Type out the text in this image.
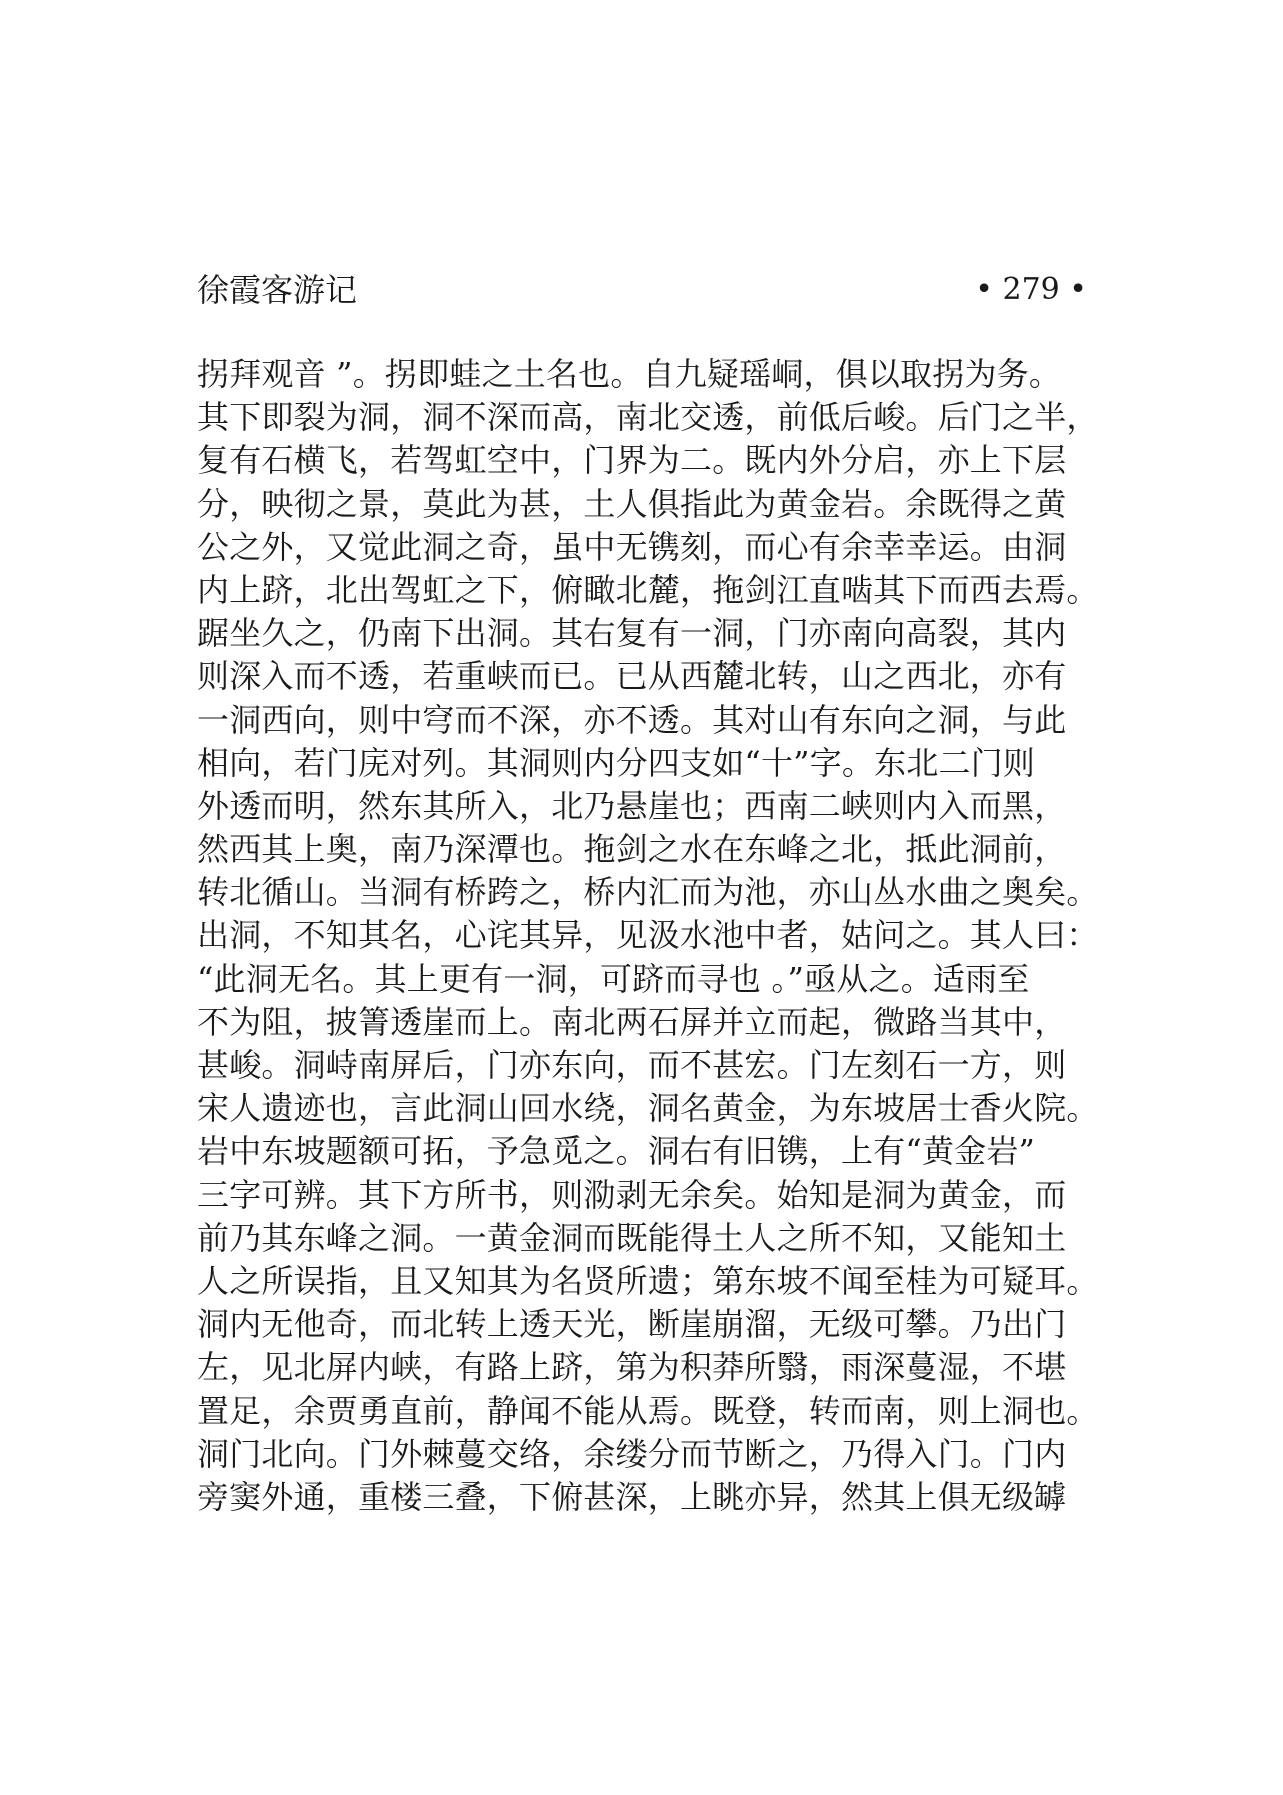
徐霞客游记	• 279 •
拐拜观音 ”。拐即蛙之土名也。自九疑瑶峒，俱以取拐为务。
其下即裂为洞，洞不深而高，南北交透，前低后峻。后门之半，
复有石横飞，若驾虹空中，门界为二。既内外分启，亦上下层
分，映彻之景，莫此为甚，土人俱指此为黄金岩。余既得之黄
公之外，又觉此洞之奇，虽中无镌刻，而心有余幸幸运。由洞
内上跻，北出驾虹之下，俯瞰北麓，拖剑江直啮其下而西去焉。
踞坐久之，仍南下出洞。其右复有一洞，门亦南向高裂，其内
则深入而不透，若重峡而已。已从西麓北转，山之西北，亦有
一洞西向，则中穹而不深，亦不透。其对山有东向之洞，与此
相向，若门庑对列。其洞则内分四支如“十”字。东北二门则
外透而明，然东其所入，北乃悬崖也；西南二峡则内入而黑，
然西其上奥，南乃深潭也。拖剑之水在东峰之北，抵此洞前，
转北循山。当洞有桥跨之，桥内汇而为池，亦山丛水曲之奥矣。
出洞，不知其名，心诧其异，见汲水池中者，姑问之。其人曰：
“此洞无名。其上更有一洞，可跻而寻也 。”亟从之。适雨至
不为阻，披箐透崖而上。南北两石屏并立而起，微路当其中，
甚峻。洞峙南屏后，门亦东向，而不甚宏。门左刻石一方，则
宋人遗迹也，言此洞山回水绕，洞名黄金，为东坡居士香火院。
岩中东坡题额可拓，予急觅之。洞右有旧镌，上有“黄金岩”
三字可辨。其下方所书，则泐剥无余矣。始知是洞为黄金，而
前乃其东峰之洞。一黄金洞而既能得土人之所不知，又能知土
人之所误指，且又知其为名贤所遗；第东坡不闻至桂为可疑耳。
洞内无他奇，而北转上透天光，断崖崩溜，无级可攀。乃出门
左，见北屏内峡，有路上跻，第为积莽所翳，雨深蔓湿，不堪
置足，余贾勇直前，静闻不能从焉。既登，转而南，则上洞也。
洞门北向。门外棘蔓交络，余缕分而节断之，乃得入门。门内
旁窦外通，重楼三叠，下俯甚深，上眺亦异，然其上俱无级罅
